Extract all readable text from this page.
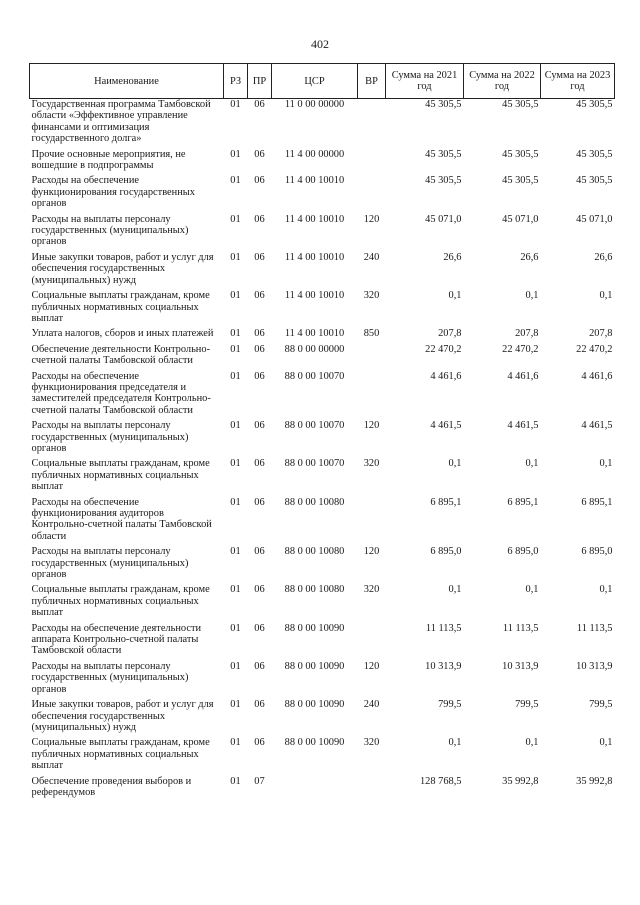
402
Наименование	РЗ	ПР	ЦСР	ВР	Сумма на 2021 год	Сумма на 2022 год	Сумма на 2023 год
Государственная программа Тамбовской области «Эффективное управление финансами и оптимизация государственного долга»	01	06	11 0 00 00000		45 305,5	45 305,5	45 305,5

Прочие основные мероприятия, не вошедшие в подпрограммы	01	06	11 4 00 00000		45 305,5	45 305,5	45 305,5

Расходы на обеспечение функционирования государственных органов	01	06	11 4 00 10010		45 305,5	45 305,5	45 305,5

Расходы на выплаты персоналу государственных (муниципальных) органов	01	06	11 4 00 10010	120	45 071,0	45 071,0	45 071,0

Иные закупки товаров, работ и услуг для обеспечения государственных (муниципальных) нужд	01	06	11 4 00 10010	240	26,6	26,6	26,6

Социальные выплаты гражданам, кроме публичных нормативных социальных выплат	01	06	11 4 00 10010	320	0,1	0,1	0,1

Уплата налогов, сборов и иных платежей	01	06	11 4 00 10010	850	207,8	207,8	207,8

Обеспечение деятельности Контрольно-счетной палаты Тамбовской области	01	06	88 0 00 00000		22 470,2	22 470,2	22 470,2

Расходы на обеспечение функционирования председателя и заместителей председателя Контрольно-счетной палаты Тамбовской области	01	06	88 0 00 10070		4 461,6	4 461,6	4 461,6

Расходы на выплаты персоналу государственных (муниципальных) органов	01	06	88 0 00 10070	120	4 461,5	4 461,5	4 461,5

Социальные выплаты гражданам, кроме публичных нормативных социальных выплат	01	06	88 0 00 10070	320	0,1	0,1	0,1

Расходы на обеспечение функционирования аудиторов Контрольно-счетной палаты Тамбовской области	01	06	88 0 00 10080		6 895,1	6 895,1	6 895,1

Расходы на выплаты персоналу государственных (муниципальных) органов	01	06	88 0 00 10080	120	6 895,0	6 895,0	6 895,0

Социальные выплаты гражданам, кроме публичных нормативных социальных выплат	01	06	88 0 00 10080	320	0,1	0,1	0,1

Расходы на обеспечение деятельности аппарата Контрольно-счетной палаты Тамбовской области	01	06	88 0 00 10090		11 113,5	11 113,5	11 113,5

Расходы на выплаты персоналу государственных (муниципальных) органов	01	06	88 0 00 10090	120	10 313,9	10 313,9	10 313,9

Иные закупки товаров, работ и услуг для обеспечения государственных (муниципальных) нужд	01	06	88 0 00 10090	240	799,5	799,5	799,5

Социальные выплаты гражданам, кроме публичных нормативных социальных выплат	01	06	88 0 00 10090	320	0,1	0,1	0,1

Обеспечение проведения выборов и референдумов	01	07			128 768,5	35 992,8	35 992,8
